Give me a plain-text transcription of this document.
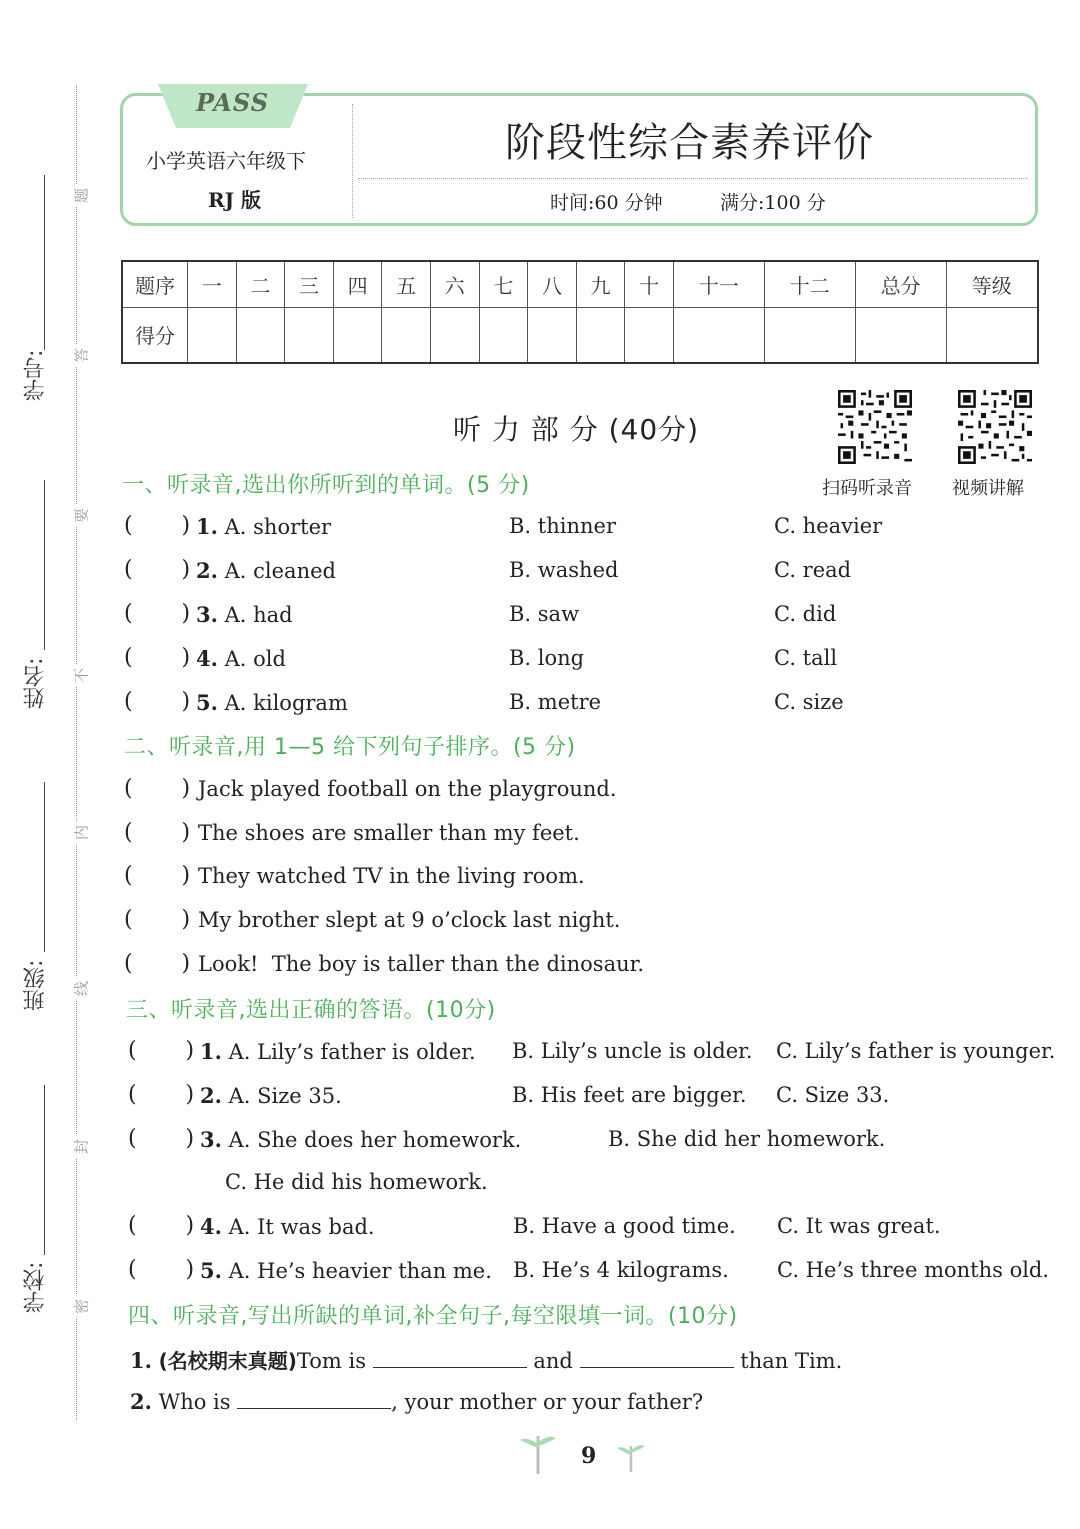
学号:
姓名:
班级:
学校:
题
答
要
不
内
线
封
密
PASS
小学英语六年级下
RJ 版
阶段性综合素养评价
时间:60 分钟	满分:100 分
题序	一	二	三	四	五	六	七	八	九	十	十一	十二	总分	等级
得分														
听 力 部 分 (40分)
扫码听录音 视频讲解
一、听录音,选出你所听到的单词。(5 分)
(       ) 1. A. shorter	B. thinner	C. heavier
(       ) 2. A. cleaned	B. washed	C. read
(       ) 3. A. had	B. saw	C. did
(       ) 4. A. old	B. long	C. tall
(       ) 5. A. kilogram	B. metre	C. size
二、听录音,用 1—5 给下列句子排序。(5 分)
(       ) Jack played football on the playground.
(       ) The shoes are smaller than my feet.
(       ) They watched TV in the living room.
(       ) My brother slept at 9 o’clock last night.
(       ) Look!  The boy is taller than the dinosaur.
三、听录音,选出正确的答语。(10分)
(       ) 1. A. Lily’s father is older. B. Lily’s uncle is older. C. Lily’s father is younger.
(       ) 2. A. Size 35.	B. His feet are bigger. C. Size 33.
(       ) 3. A. She does her homework.	B. She did her homework.
C. He did his homework.
(       ) 4. A. It was bad.	B. Have a good time. C. It was great.
(       ) 5. A. He’s heavier than me. B. He’s 4 kilograms. C. He’s three months old.
四、听录音,写出所缺的单词,补全句子,每空限填一词。(10分)
1. (名校期末真题)Tom is	and	than Tim.
2. Who is	, your mother or your father?
9
